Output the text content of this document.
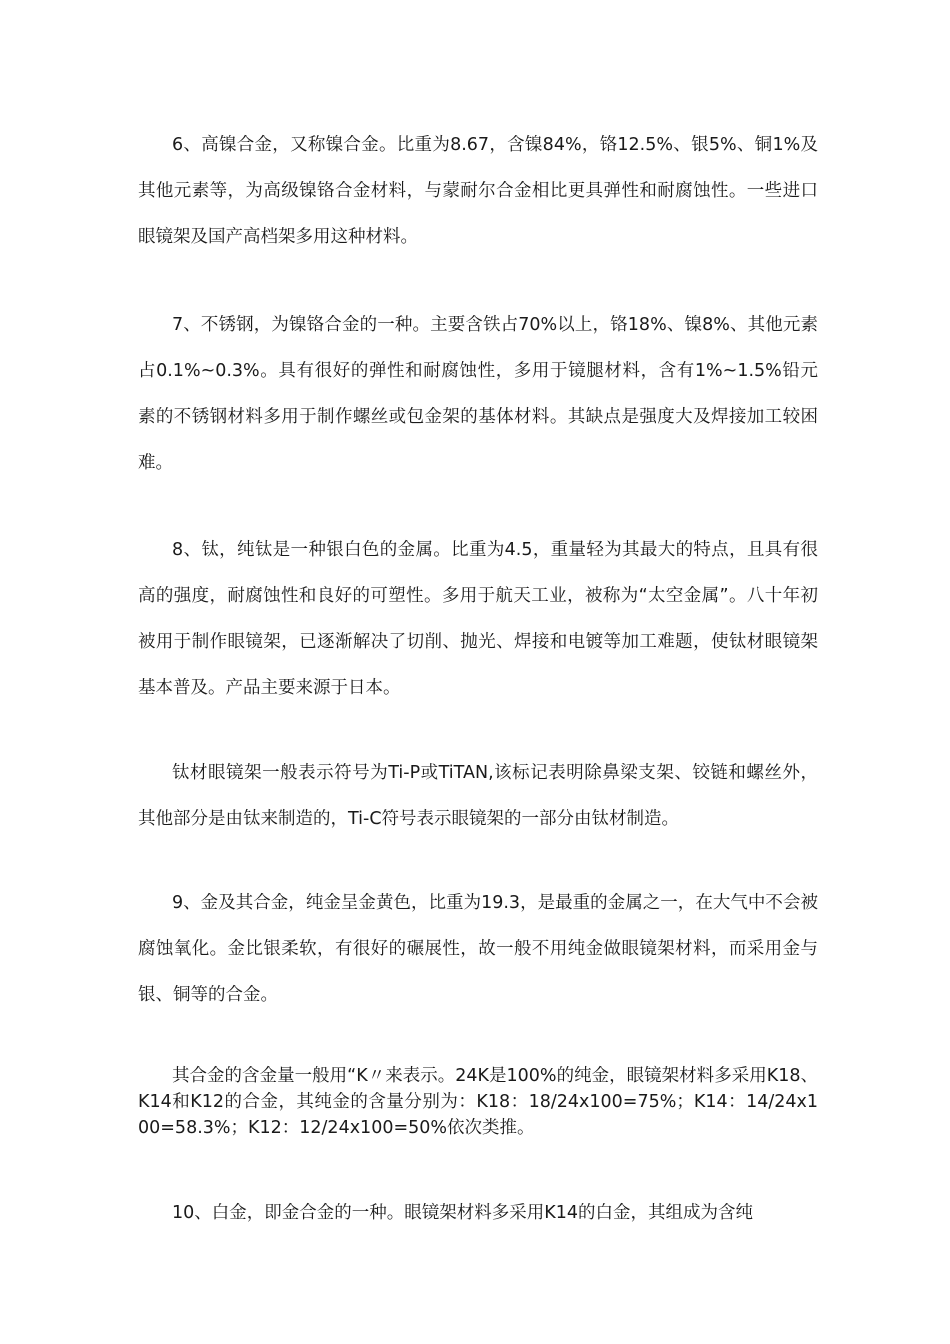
6、高镍合金，又称镍合金。比重为8.67，含镍84%，铬12.5%、银5%、铜1%及其他元素等，为高级镍铬合金材料，与蒙耐尔合金相比更具弹性和耐腐蚀性。一些进口眼镜架及国产高档架多用这种材料。

7、不锈钢，为镍铬合金的一种。主要含铁占70%以上，铬18%、镍8%、其他元素占0.1%~0.3%。具有很好的弹性和耐腐蚀性，多用于镜腿材料，含有1%~1.5%铅元素的不锈钢材料多用于制作螺丝或包金架的基体材料。其缺点是强度大及焊接加工较困难。

8、钛，纯钛是一种银白色的金属。比重为4.5，重量轻为其最大的特点，且具有很高的强度，耐腐蚀性和良好的可塑性。多用于航天工业，被称为“太空金属”。八十年初被用于制作眼镜架，已逐渐解决了切削、抛光、焊接和电镀等加工难题，使钛材眼镜架基本普及。产品主要来源于日本。

钛材眼镜架一般表示符号为Ti-P或TiTAN,该标记表明除鼻梁支架、铰链和螺丝外，其他部分是由钛来制造的，Ti-C符号表示眼镜架的一部分由钛材制造。

9、金及其合金，纯金呈金黄色，比重为19.3，是最重的金属之一，在大气中不会被腐蚀氧化。金比银柔软，有很好的碾展性，故一般不用纯金做眼镜架材料，而采用金与银、铜等的合金。

其合金的含金量一般用“K〃来表示。24K是100%的纯金，眼镜架材料多采用K18、K14和K12的合金，其纯金的含量分别为：K18：18/24x100=75%；K14：14/24x100=58.3%；K12：12/24x100=50%依次类推。

10、白金，即金合金的一种。眼镜架材料多采用K14的白金，其组成为含纯
